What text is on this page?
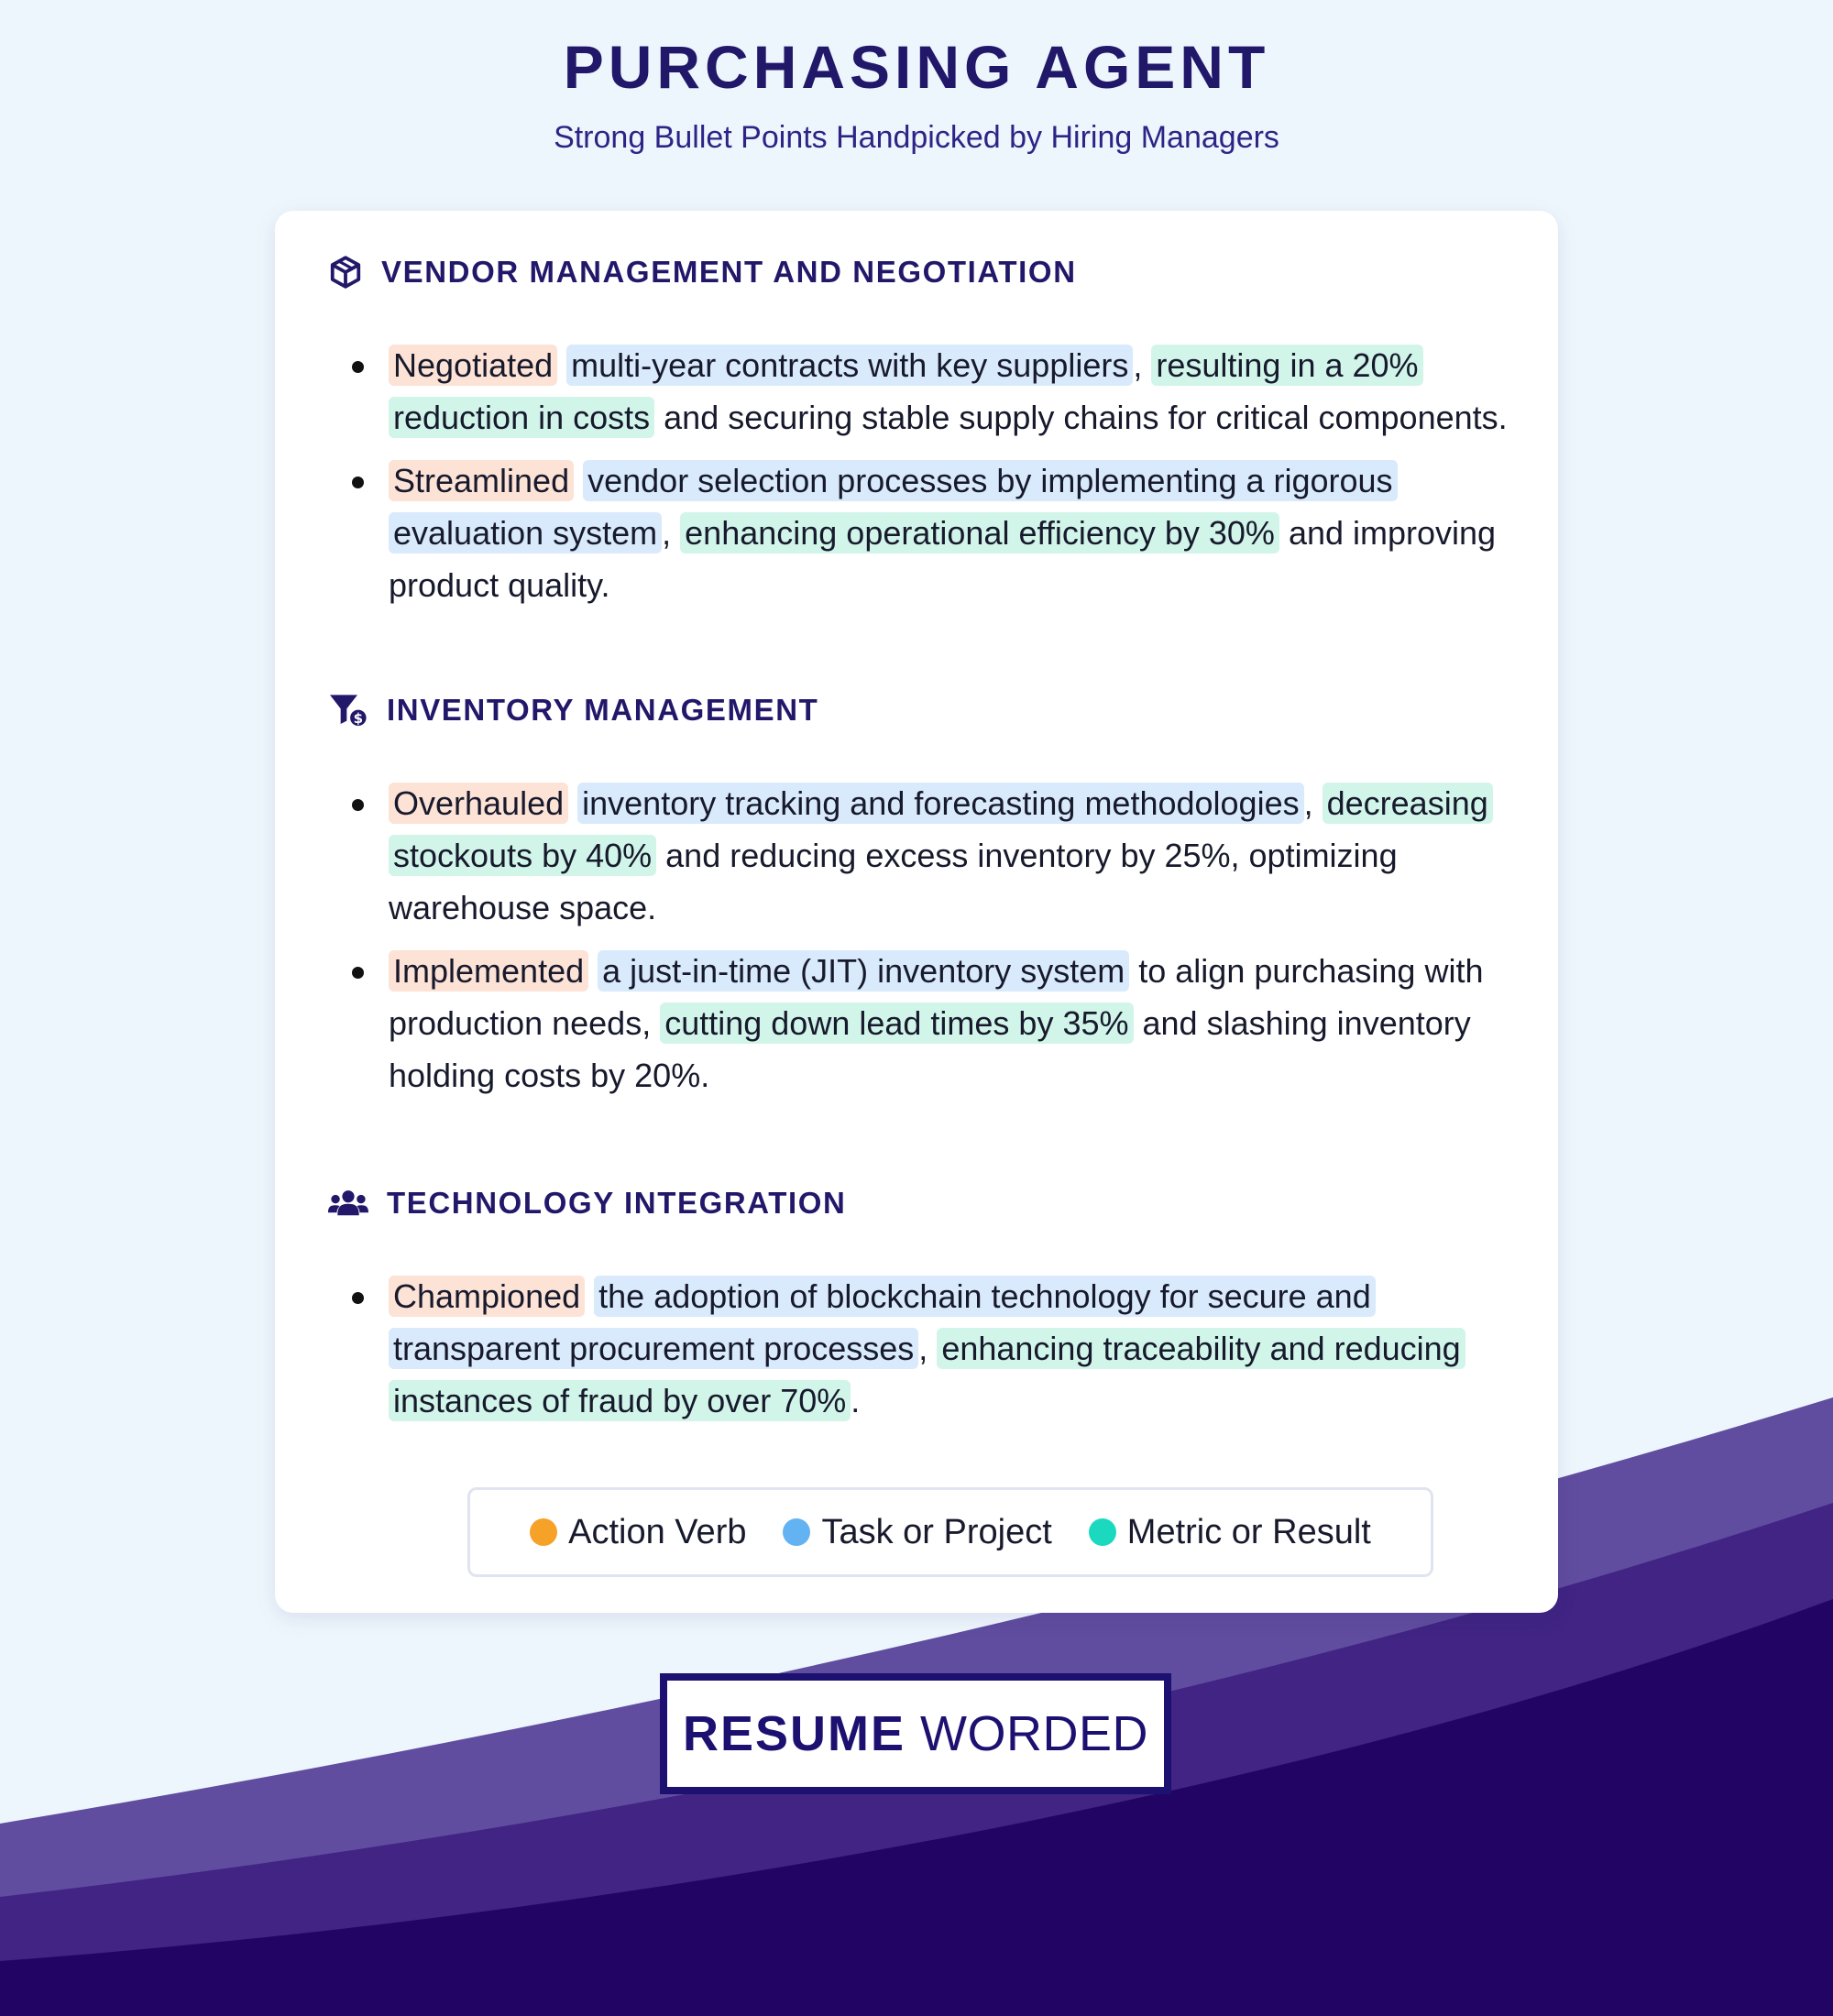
PURCHASING AGENT
Strong Bullet Points Handpicked by Hiring Managers
VENDOR MANAGEMENT AND NEGOTIATION
Negotiated multi-year contracts with key suppliers , resulting in a 20% reduction in costs and securing stable supply chains for critical components.
Streamlined vendor selection processes by implementing a rigorous evaluation system , enhancing operational efficiency by 30% and improving product quality.
$ INVENTORY MANAGEMENT
Overhauled inventory tracking and forecasting methodologies , decreasing stockouts by 40% and reducing excess inventory by 25%, optimizing warehouse space.
Implemented a just-in-time (JIT) inventory system to align purchasing with production needs, cutting down lead times by 35% and slashing inventory holding costs by 20%.
TECHNOLOGY INTEGRATION
Championed the adoption of blockchain technology for secure and transparent procurement processes , enhancing traceability and reducing instances of fraud by over 70% .
Action Verb Task or Project Metric or Result
RESUME WORDED
